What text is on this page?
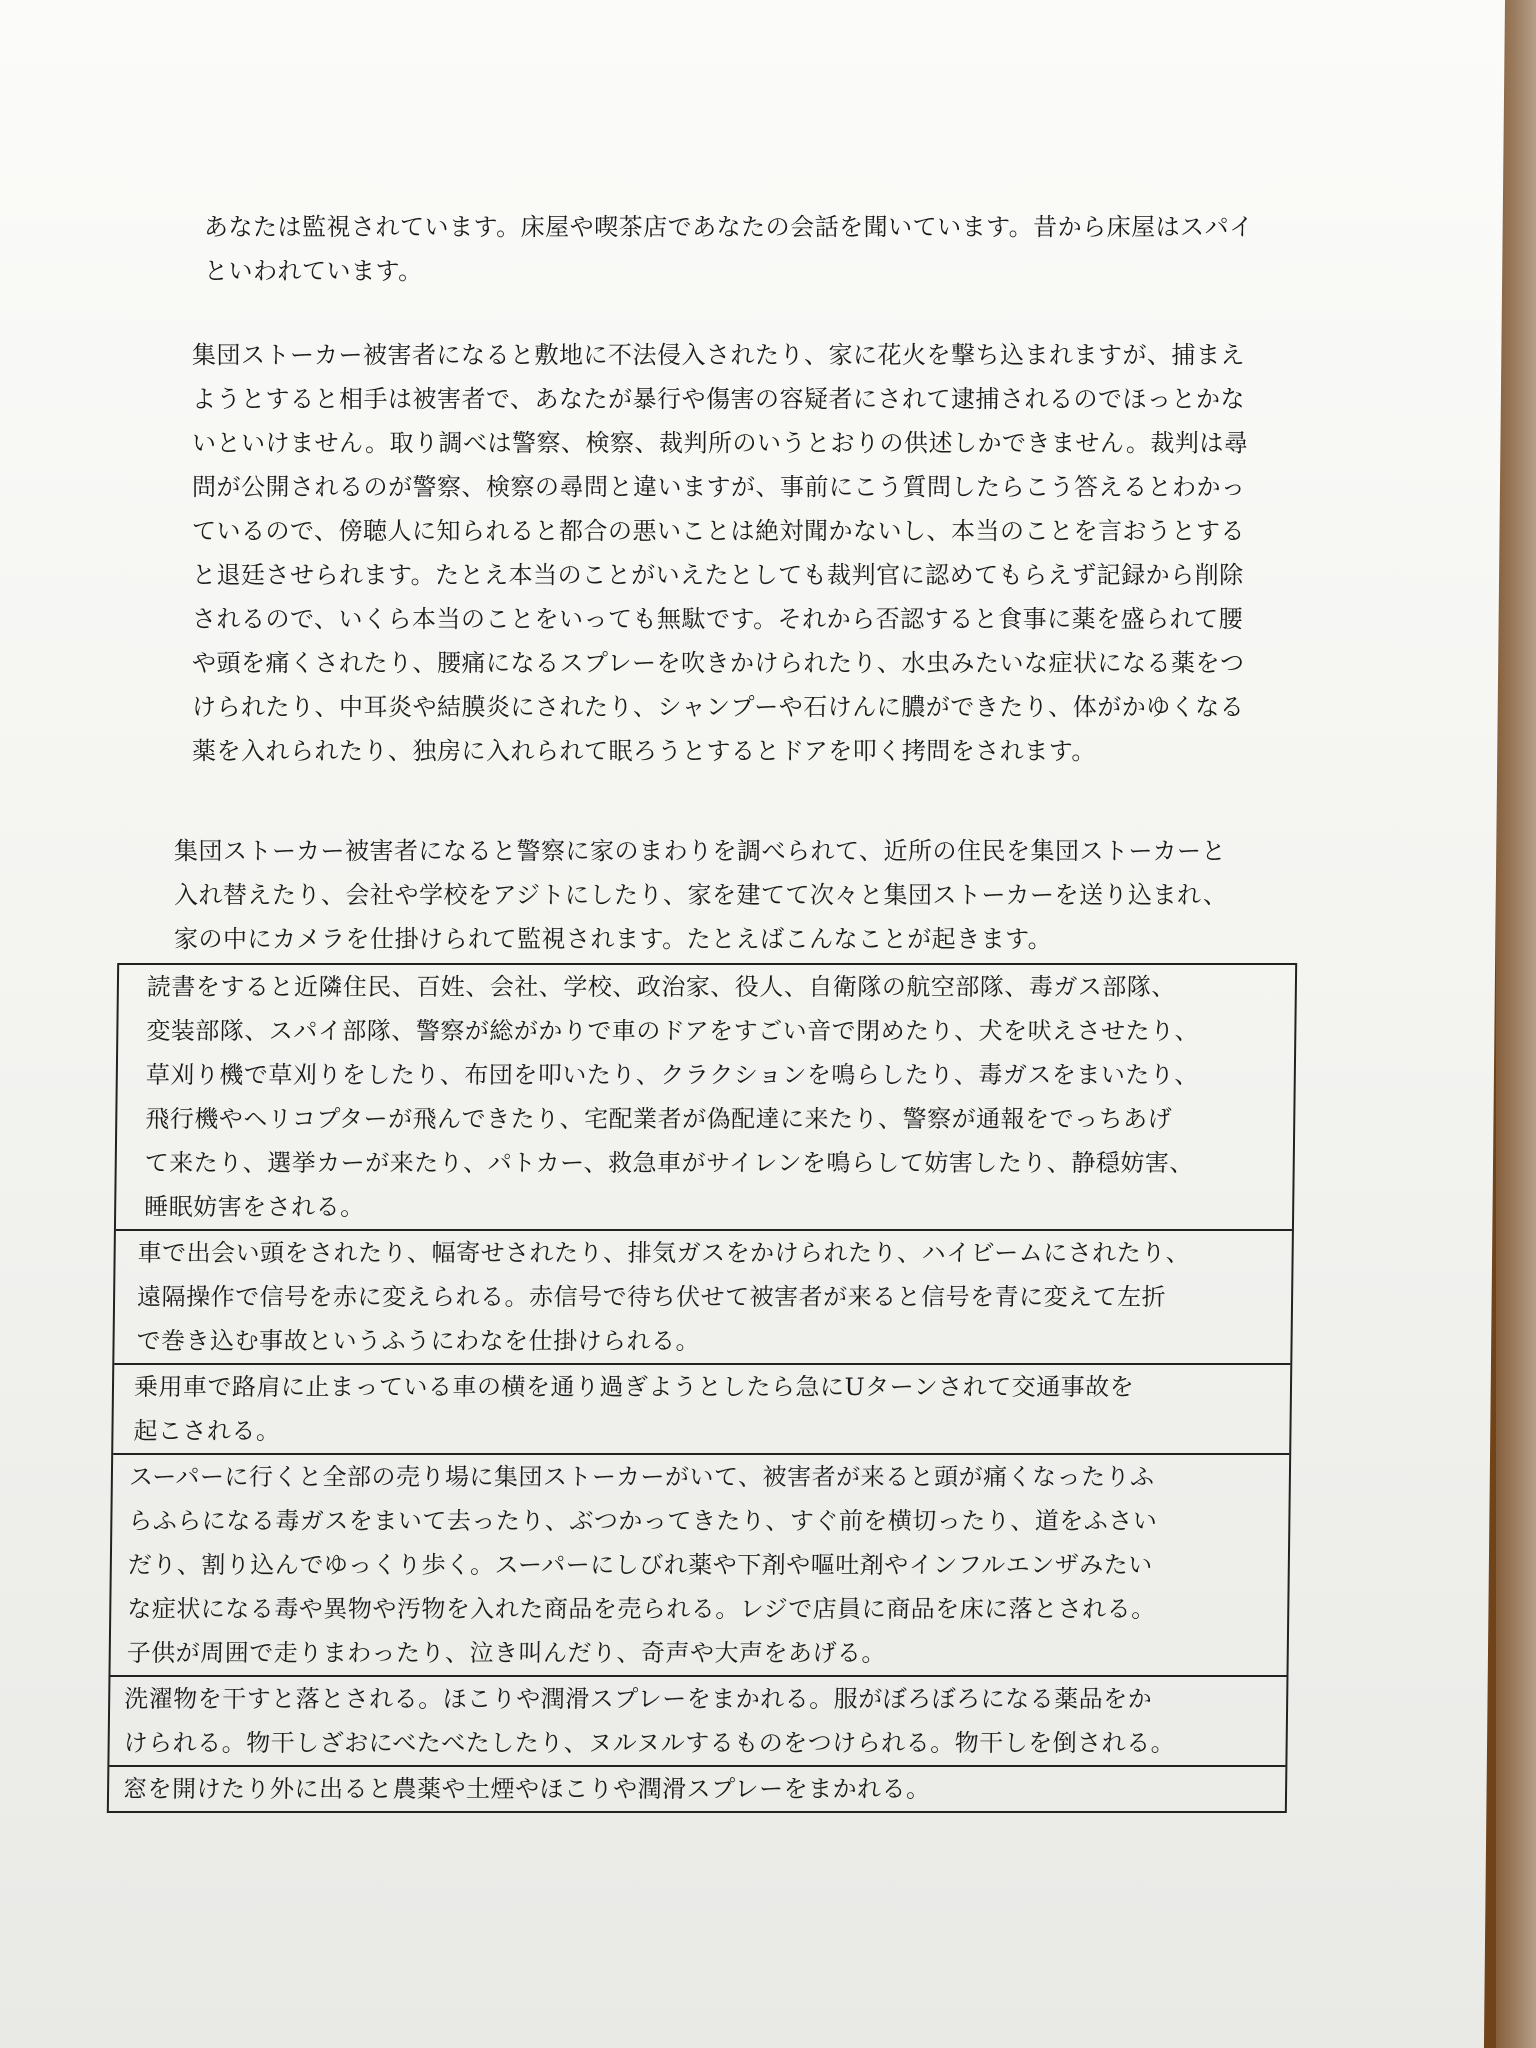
あなたは監視されています。床屋や喫茶店であなたの会話を聞いています。昔から床屋はスパイ
といわれています。

集団ストーカー被害者になると敷地に不法侵入されたり、家に花火を撃ち込まれますが、捕まえ
ようとすると相手は被害者で、あなたが暴行や傷害の容疑者にされて逮捕されるのでほっとかな
いといけません。取り調べは警察、検察、裁判所のいうとおりの供述しかできません。裁判は尋
問が公開されるのが警察、検察の尋問と違いますが、事前にこう質問したらこう答えるとわかっ
ているので、傍聴人に知られると都合の悪いことは絶対聞かないし、本当のことを言おうとする
と退廷させられます。たとえ本当のことがいえたとしても裁判官に認めてもらえず記録から削除
されるので、いくら本当のことをいっても無駄です。それから否認すると食事に薬を盛られて腰
や頭を痛くされたり、腰痛になるスプレーを吹きかけられたり、水虫みたいな症状になる薬をつ
けられたり、中耳炎や結膜炎にされたり、シャンプーや石けんに膿ができたり、体がかゆくなる
薬を入れられたり、独房に入れられて眠ろうとするとドアを叩く拷問をされます。

集団ストーカー被害者になると警察に家のまわりを調べられて、近所の住民を集団ストーカーと
入れ替えたり、会社や学校をアジトにしたり、家を建てて次々と集団ストーカーを送り込まれ、
家の中にカメラを仕掛けられて監視されます。たとえばこんなことが起きます。

読書をすると近隣住民、百姓、会社、学校、政治家、役人、自衛隊の航空部隊、毒ガス部隊、
変装部隊、スパイ部隊、警察が総がかりで車のドアをすごい音で閉めたり、犬を吠えさせたり、
草刈り機で草刈りをしたり、布団を叩いたり、クラクションを鳴らしたり、毒ガスをまいたり、
飛行機やヘリコプターが飛んできたり、宅配業者が偽配達に来たり、警察が通報をでっちあげ
て来たり、選挙カーが来たり、パトカー、救急車がサイレンを鳴らして妨害したり、静穏妨害、
睡眠妨害をされる。
車で出会い頭をされたり、幅寄せされたり、排気ガスをかけられたり、ハイビームにされたり、
遠隔操作で信号を赤に変えられる。赤信号で待ち伏せて被害者が来ると信号を青に変えて左折
で巻き込む事故というふうにわなを仕掛けられる。
乗用車で路肩に止まっている車の横を通り過ぎようとしたら急にUターンされて交通事故を
起こされる。
スーパーに行くと全部の売り場に集団ストーカーがいて、被害者が来ると頭が痛くなったりふ
らふらになる毒ガスをまいて去ったり、ぶつかってきたり、すぐ前を横切ったり、道をふさい
だり、割り込んでゆっくり歩く。スーパーにしびれ薬や下剤や嘔吐剤やインフルエンザみたい
な症状になる毒や異物や汚物を入れた商品を売られる。レジで店員に商品を床に落とされる。
子供が周囲で走りまわったり、泣き叫んだり、奇声や大声をあげる。
洗濯物を干すと落とされる。ほこりや潤滑スプレーをまかれる。服がぼろぼろになる薬品をか
けられる。物干しざおにべたべたしたり、ヌルヌルするものをつけられる。物干しを倒される。
窓を開けたり外に出ると農薬や土煙やほこりや潤滑スプレーをまかれる。
